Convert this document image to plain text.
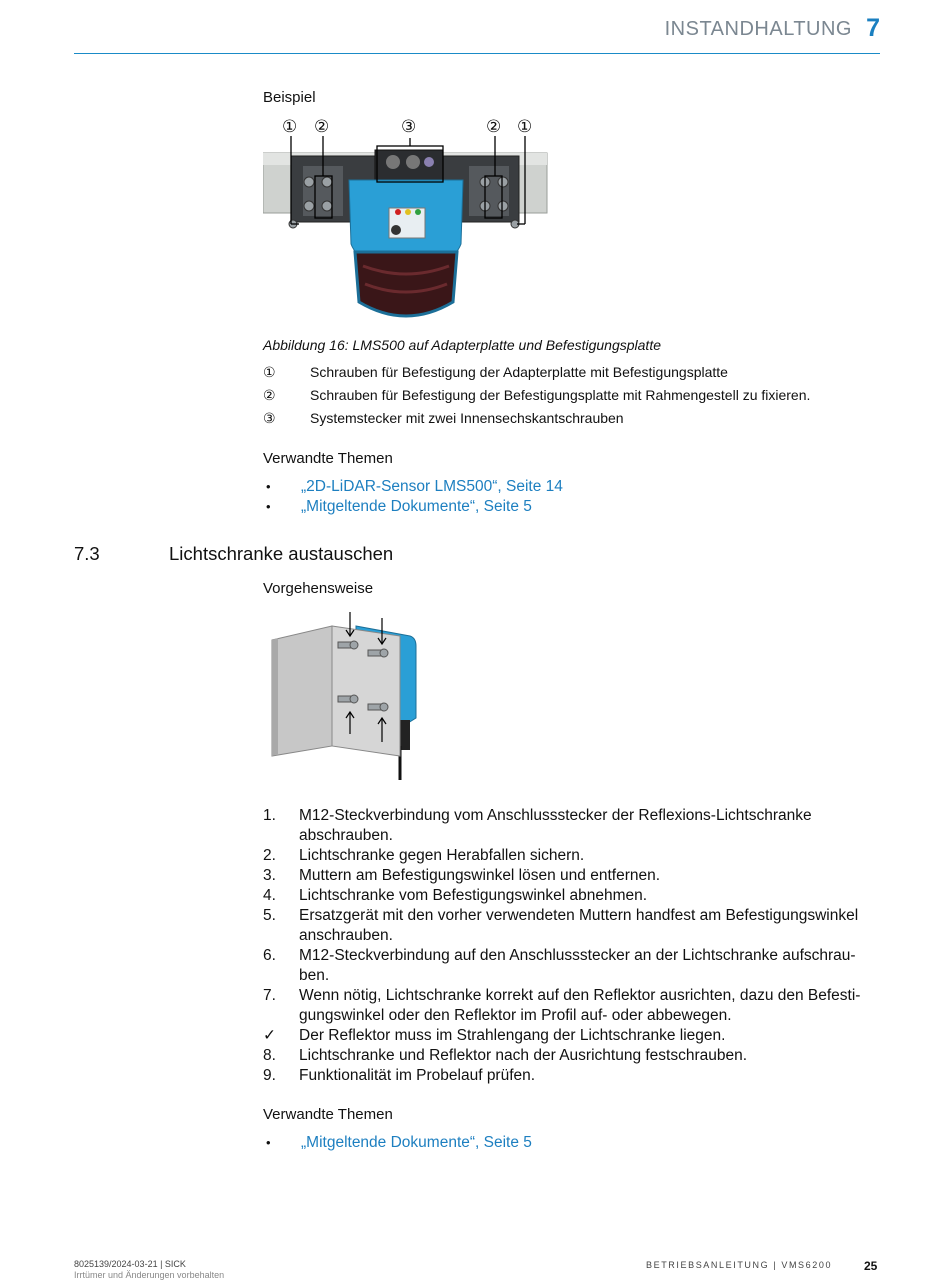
INSTANDHALTUNG 7
Beispiel
① ②	③	② ①
Abbildung 16: LMS500 auf Adapterplatte und Befestigungsplatte
① Schrauben für Befestigung der Adapterplatte mit Befestigungsplatte
② Schrauben für Befestigung der Befestigungsplatte mit Rahmengestell zu fixieren.
③ Systemstecker mit zwei Innensechskantschrauben
Verwandte Themen
• „2D-LiDAR-Sensor LMS500“, Seite 14
• „Mitgeltende Dokumente“, Seite 5
7.3	Lichtschranke austauschen
Vorgehensweise
1. M12-Steckverbindung vom Anschlussstecker der Reflexions-Lichtschranke
abschrauben.
2. Lichtschranke gegen Herabfallen sichern.
3. Muttern am Befestigungswinkel lösen und entfernen.
4. Lichtschranke vom Befestigungswinkel abnehmen.
5. Ersatzgerät mit den vorher verwendeten Muttern handfest am Befestigungswinkel
anschrauben.
6. M12-Steckverbindung auf den Anschlussstecker an der Lichtschranke aufschrau-
ben.
7. Wenn nötig, Lichtschranke korrekt auf den Reflektor ausrichten, dazu den Befesti-
gungswinkel oder den Reflektor im Profil auf- oder abbewegen.
✓ Der Reflektor muss im Strahlengang der Lichtschranke liegen.
8. Lichtschranke und Reflektor nach der Ausrichtung festschrauben.
9. Funktionalität im Probelauf prüfen.
Verwandte Themen
• „Mitgeltende Dokumente“, Seite 5
8025139/2024-03-21 | SICK
Irrtümer und Änderungen vorbehalten
BETRIEBSANLEITUNG | VMS6200	25
